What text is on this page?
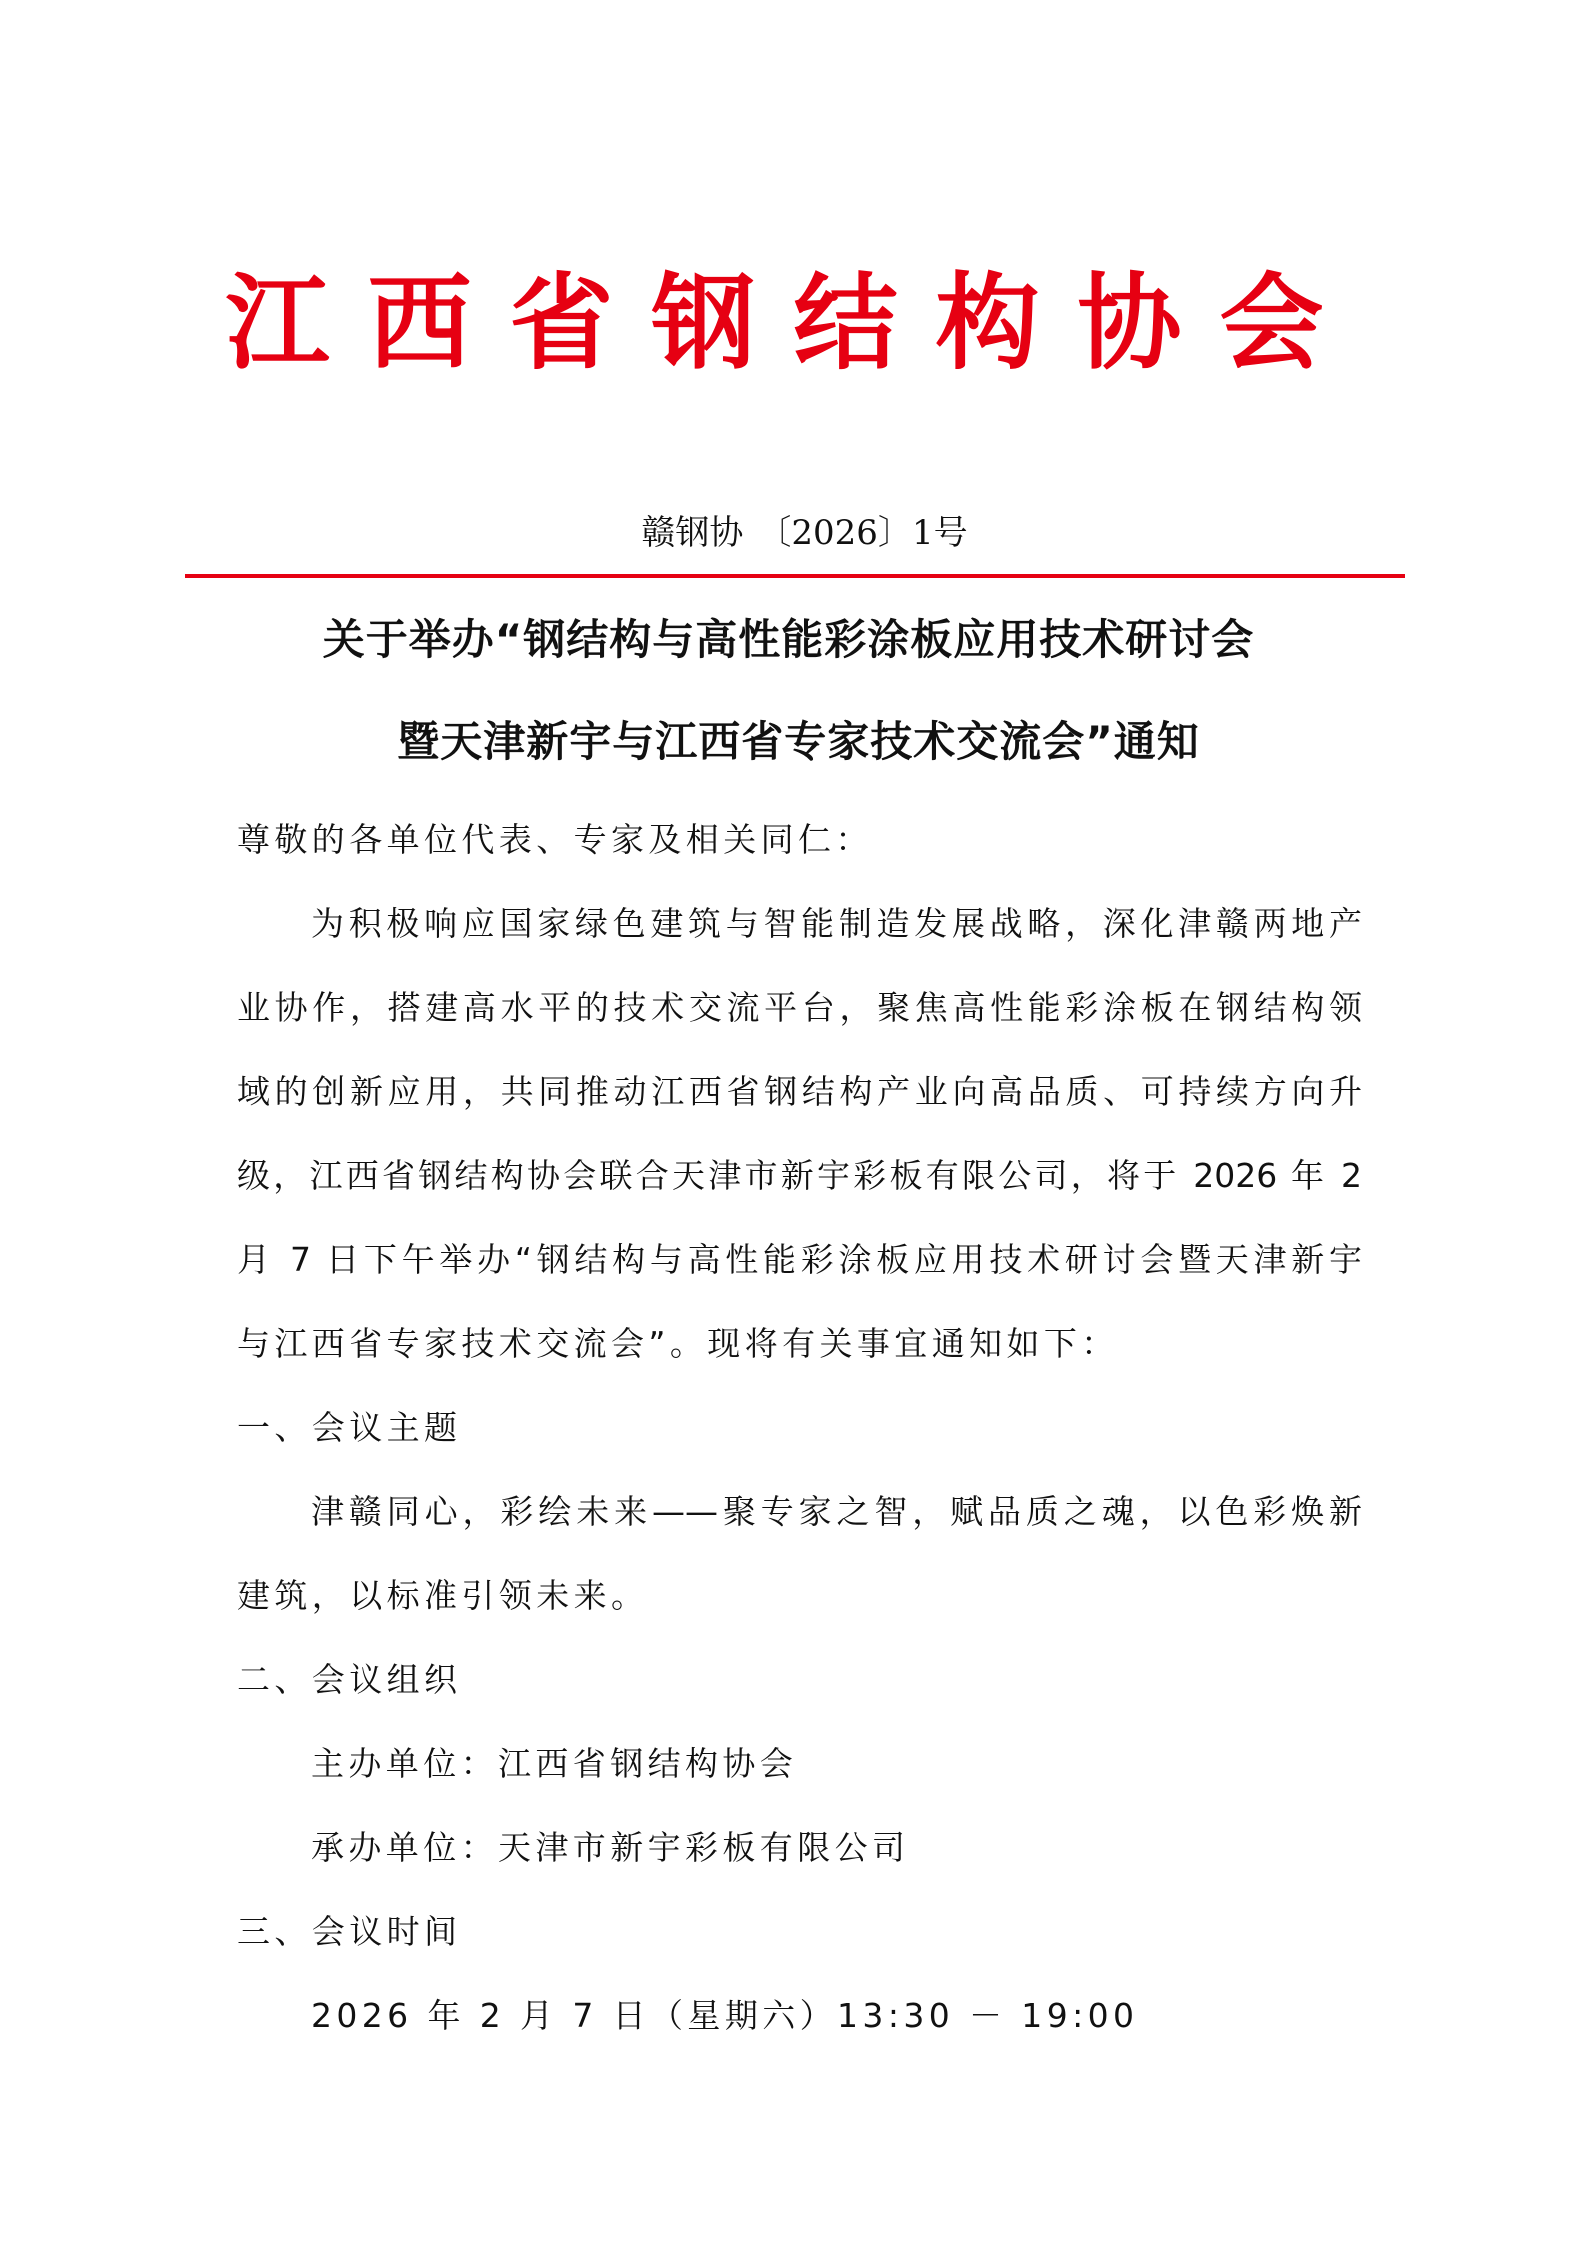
江西省钢结构协会
赣钢协 〔2026〕1号
关于举办“钢结构与高性能彩涂板应用技术研讨会
暨天津新宇与江西省专家技术交流会”通知
尊敬的各单位代表、专家及相关同仁：
为积极响应国家绿色建筑与智能制造发展战略，深化津赣两地产
业协作，搭建高水平的技术交流平台，聚焦高性能彩涂板在钢结构领
域的创新应用，共同推动江西省钢结构产业向高品质、可持续方向升
级，江西省钢结构协会联合天津市新宇彩板有限公司，将于 2026 年 2
月 7 日下午举办“钢结构与高性能彩涂板应用技术研讨会暨天津新宇
与江西省专家技术交流会”。现将有关事宜通知如下：
一、会议主题
津赣同心，彩绘未来——聚专家之智，赋品质之魂，以色彩焕新
建筑，以标准引领未来。
二、会议组织
主办单位：江西省钢结构协会
承办单位：天津市新宇彩板有限公司
三、会议时间
2026 年 2 月 7 日（星期六）13:30 － 19:00
